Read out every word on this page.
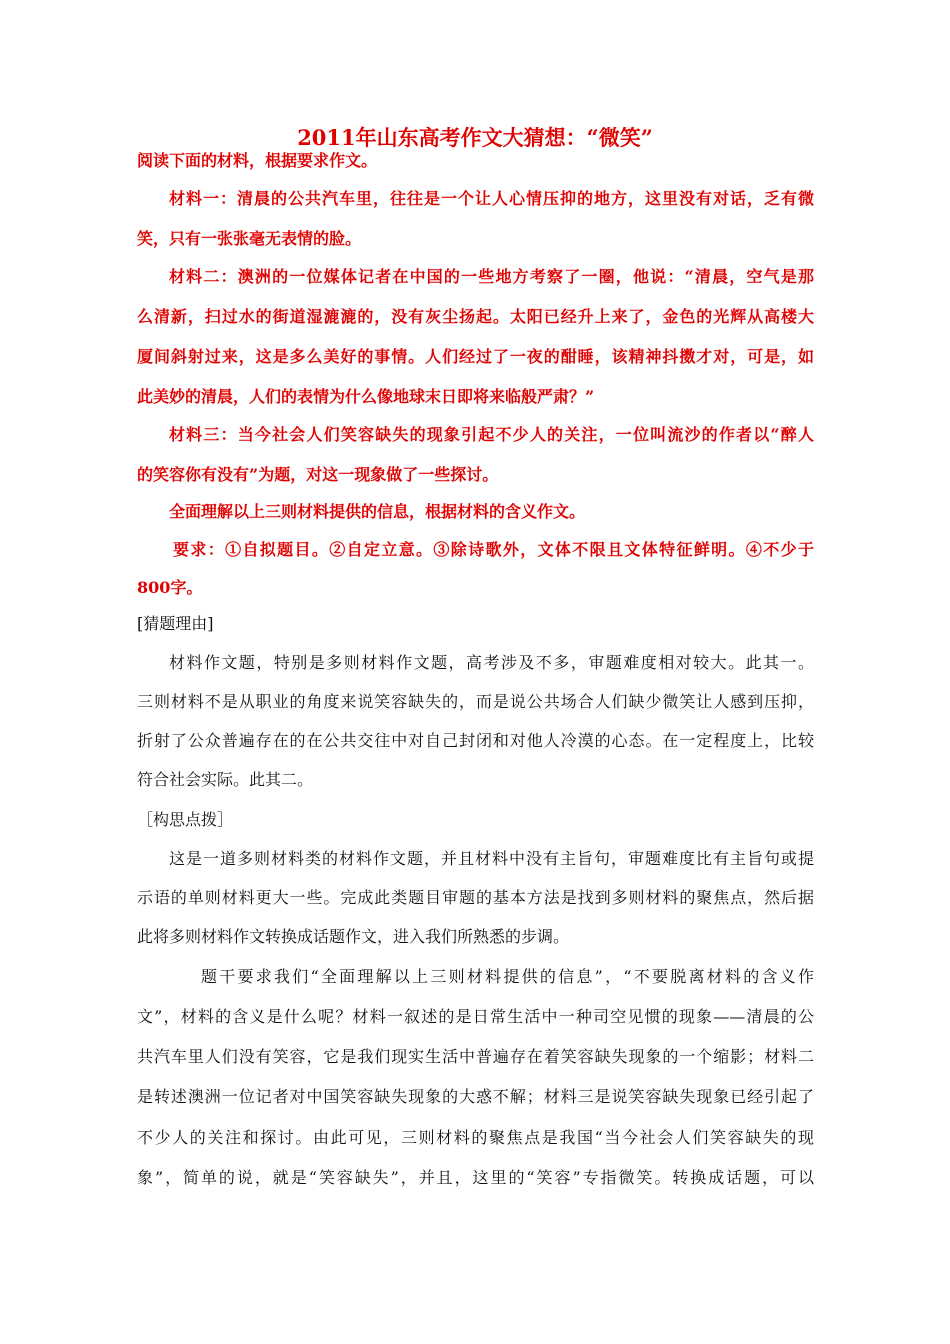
2011年山东高考作文大猜想：“微笑”
阅读下面的材料，根据要求作文。
材料一：清晨的公共汽车里，往往是一个让人心情压抑的地方，这里没有对话，乏有微
笑，只有一张张毫无表情的脸。
材料二：澳洲的一位媒体记者在中国的一些地方考察了一圈，他说：“清晨，空气是那
么清新，扫过水的街道湿漉漉的，没有灰尘扬起。太阳已经升上来了，金色的光辉从高楼大
厦间斜射过来，这是多么美好的事情。人们经过了一夜的酣睡，该精神抖擞才对，可是，如
此美妙的清晨，人们的表情为什么像地球末日即将来临般严肃？”
材料三：当今社会人们笑容缺失的现象引起不少人的关注，一位叫流沙的作者以“醉人
的笑容你有没有”为题，对这一现象做了一些探讨。
全面理解以上三则材料提供的信息，根据材料的含义作文。
要求：①自拟题目。②自定立意。③除诗歌外，文体不限且文体特征鲜明。④不少于
800字。
[猜题理由]
材料作文题，特别是多则材料作文题，高考涉及不多，审题难度相对较大。此其一。
三则材料不是从职业的角度来说笑容缺失的，而是说公共场合人们缺少微笑让人感到压抑，
折射了公众普遍存在的在公共交往中对自己封闭和对他人冷漠的心态。在一定程度上，比较
符合社会实际。此其二。
［构思点拨］
这是一道多则材料类的材料作文题，并且材料中没有主旨句，审题难度比有主旨句或提
示语的单则材料更大一些。完成此类题目审题的基本方法是找到多则材料的聚焦点，然后据
此将多则材料作文转换成话题作文，进入我们所熟悉的步调。
题干要求我们“全面理解以上三则材料提供的信息”，“不要脱离材料的含义作
文”，材料的含义是什么呢？材料一叙述的是日常生活中一种司空见惯的现象——清晨的公
共汽车里人们没有笑容，它是我们现实生活中普遍存在着笑容缺失现象的一个缩影；材料二
是转述澳洲一位记者对中国笑容缺失现象的大惑不解；材料三是说笑容缺失现象已经引起了
不少人的关注和探讨。由此可见，三则材料的聚焦点是我国“当今社会人们笑容缺失的现
象”，简单的说，就是“笑容缺失”，并且，这里的“笑容”专指微笑。转换成话题，可以
